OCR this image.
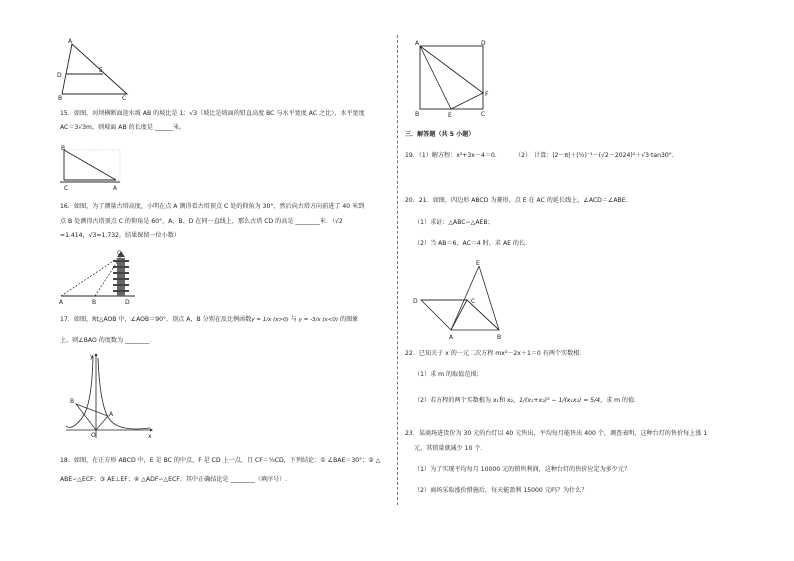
A
D
E
B	C
15．如图，河坝横断面迎水坡 AB 的坡比是 1：√3（坡比是坡面的铅直高度 BC 与水平宽度 AC 之比），水平宽度
AC＝3√3m，则坡面 AB 的长度是 ______米。
B
C	A
16．如图，为了测量古塔高度，小明在点 A 测得看古塔顶点 C 处的仰角为 30°，然后向古塔方向前进了 40 米到
点 B 处测得古塔顶点 C 的仰角是 60°，A、B、D 在同一直线上，那么古塔 CD 的高是 ________米．（√2
≈1.414，√3≈1.732，结果保留一位小数）
A	B
C
D
17．如图，Rt△AOB 中，∠AOB＝90°，顶点 A，B 分别在反比例函数y = 1/x (x>0) 与 y = -3/x (x<0) 的图象
上，则∠BAO 的度数为 ________．
y
x
O
A
B
18．如图，在正方形 ABCD 中，E 是 BC 的中点，F 是 CD 上一点，且 CF＝¼CD，下列结论：① ∠BAE＝30°；② △
ABE∽△ECF；③ AE⊥EF；④ △ADF∽△ECF．其中正确结论是 ________（填序号）.
A	D
F
B	E	C
三．解答题（共 5 小题）
19．（1）解方程：x²+3x－4＝0． （2）　计算：|2－π|＋(½)⁻¹－(√2－2024)⁰＋√3·tan30°.
20．21．如图，四边形 ABCD 为菱形，点 E 在 AC 的延长线上，∠ACD＝∠ABE．
（1）求证：△ABC∽△AEB；
（2）当 AB＝6，AC＝4 时，求 AE 的长．
E
D	C
A	B
22．已知关于 x 的一元二次方程 mx²－2x＋1＝0 有两个实数根．
（1）求 m 的取值范围；
（2）若方程的两个实数根为 x₁和 x₂，1/(x₁+x₂)² − 1/(x₁x₂) = 5/4，求 m 的值．
23．某商场进货价为 30 元的台灯以 40 元售出，平均每月能售出 400 个，调查表明，这种台灯的售价每上涨 1
元，其销量就减少 10 个．
（1）为了实现平均每月 10000 元的销售利润，这种台灯的售价应定为多少元？
（2）商场采取涨价措施后，每天能盈利 15000 元吗？为什么？
